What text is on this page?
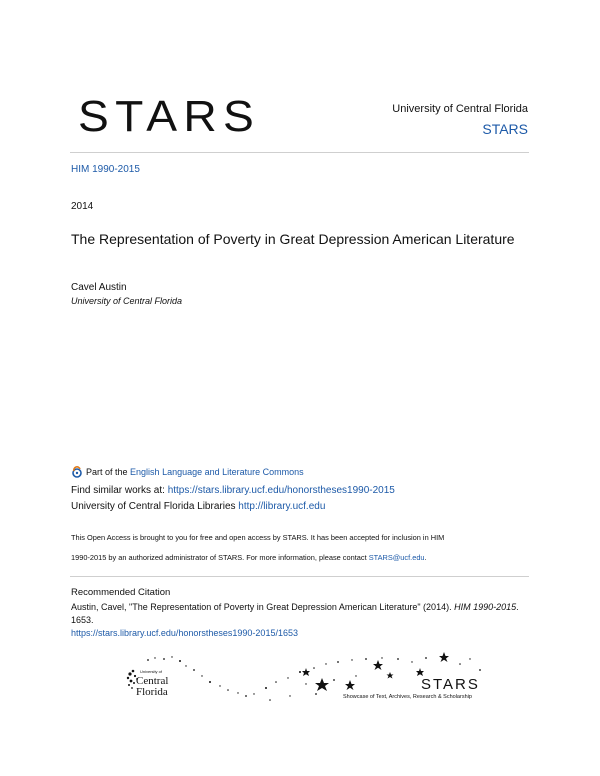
STARS	University of Central Florida
STARS
HIM 1990-2015
2014
The Representation of Poverty in Great Depression American Literature
Cavel Austin
University of Central Florida
Part of the
English Language and Literature Commons
Find similar works at: https://stars.library.ucf.edu/honorstheses1990-2015
University of Central Florida Libraries http://library.ucf.edu
This Open Access is brought to you for free and open access by STARS. It has been accepted for inclusion in HIM
1990-2015 by an authorized administrator of STARS. For more information, please contact STARS@ucf.edu.
Recommended Citation
Austin, Cavel, "The Representation of Poverty in Great Depression American Literature" (2014). HIM 1990-2015. 1653.
https://stars.library.ucf.edu/honorstheses1990-2015/1653
University of
Central
Florida	STARS
Showcase of Text, Archives, Research & Scholarship
